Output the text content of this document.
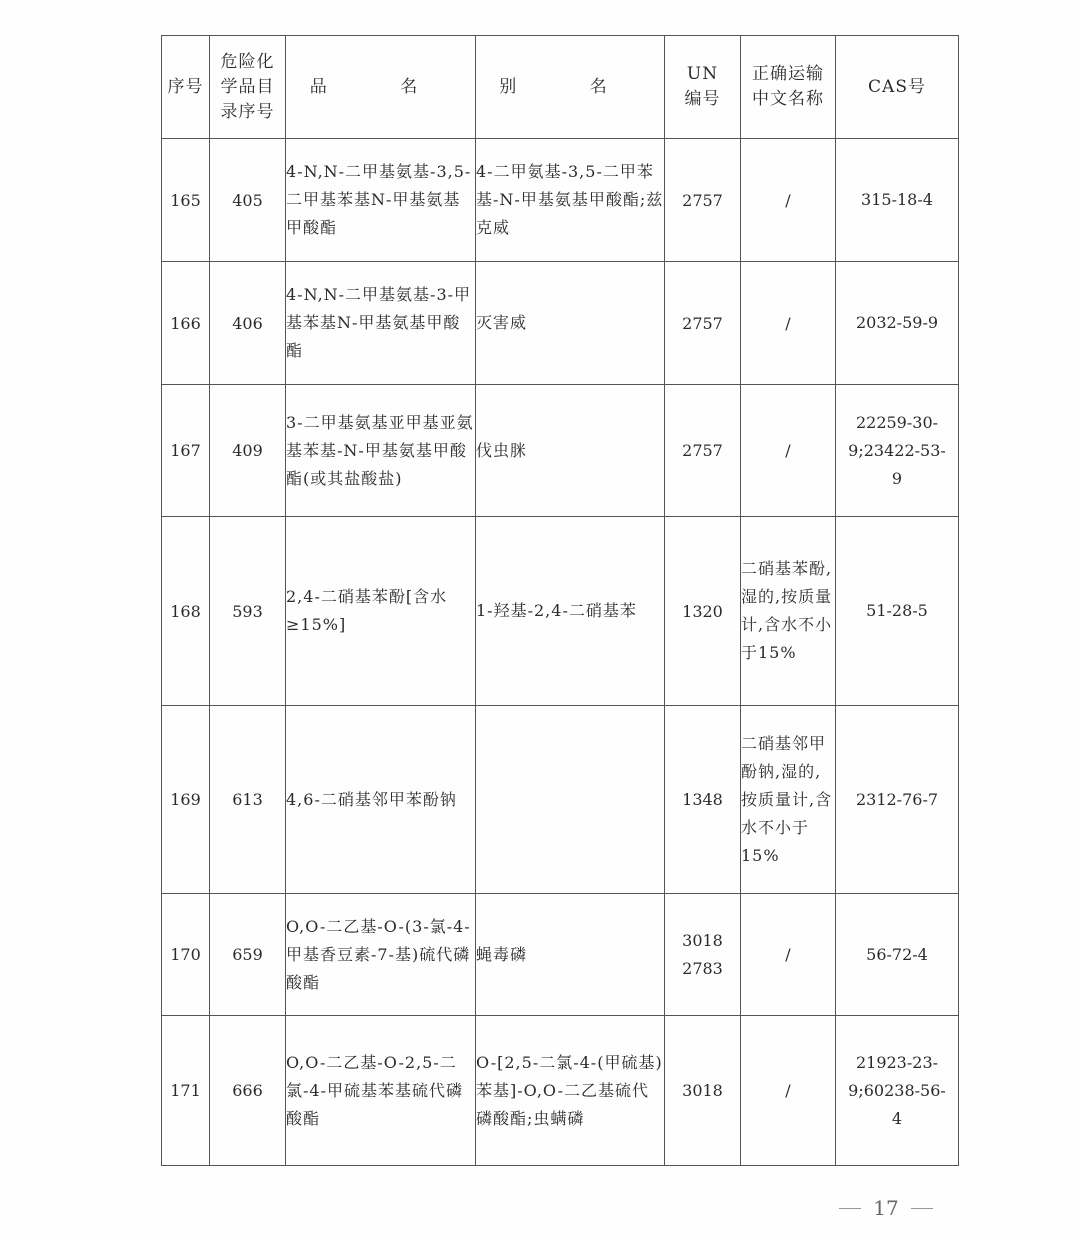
序号	危险化学品目录序号	品 名	别 名	UN编号	正确运输中文名称	CAS号
165	405	4-N,N-二甲基氨基-3,5-二甲基苯基N-甲基氨基甲酸酯	4-二甲氨基-3,5-二甲苯基-N-甲基氨基甲酸酯;兹克威	2757	/	315-18-4
166	406	4-N,N-二甲基氨基-3-甲基苯基N-甲基氨基甲酸酯	灭害威	2757	/	2032-59-9
167	409	3-二甲基氨基亚甲基亚氨基苯基-N-甲基氨基甲酸酯(或其盐酸盐)	伐虫脒	2757	/	22259-30-9;23422-53-9
168	593	2,4-二硝基苯酚[含水≥15%]	1-羟基-2,4-二硝基苯	1320	二硝基苯酚,湿的,按质量计,含水不小于15%	51-28-5
169	613	4,6-二硝基邻甲苯酚钠		1348	二硝基邻甲酚钠,湿的,按质量计,含水不小于15%	2312-76-7
170	659	O,O-二乙基-O-(3-氯-4-甲基香豆素-7-基)硫代磷酸酯	蝇毒磷	3018 2783	/	56-72-4
171	666	O,O-二乙基-O-2,5-二氯-4-甲硫基苯基硫代磷酸酯	O-[2,5-二氯-4-(甲硫基)苯基]-O,O-二乙基硫代磷酸酯;虫螨磷	3018	/	21923-23-9;60238-56-4
17
